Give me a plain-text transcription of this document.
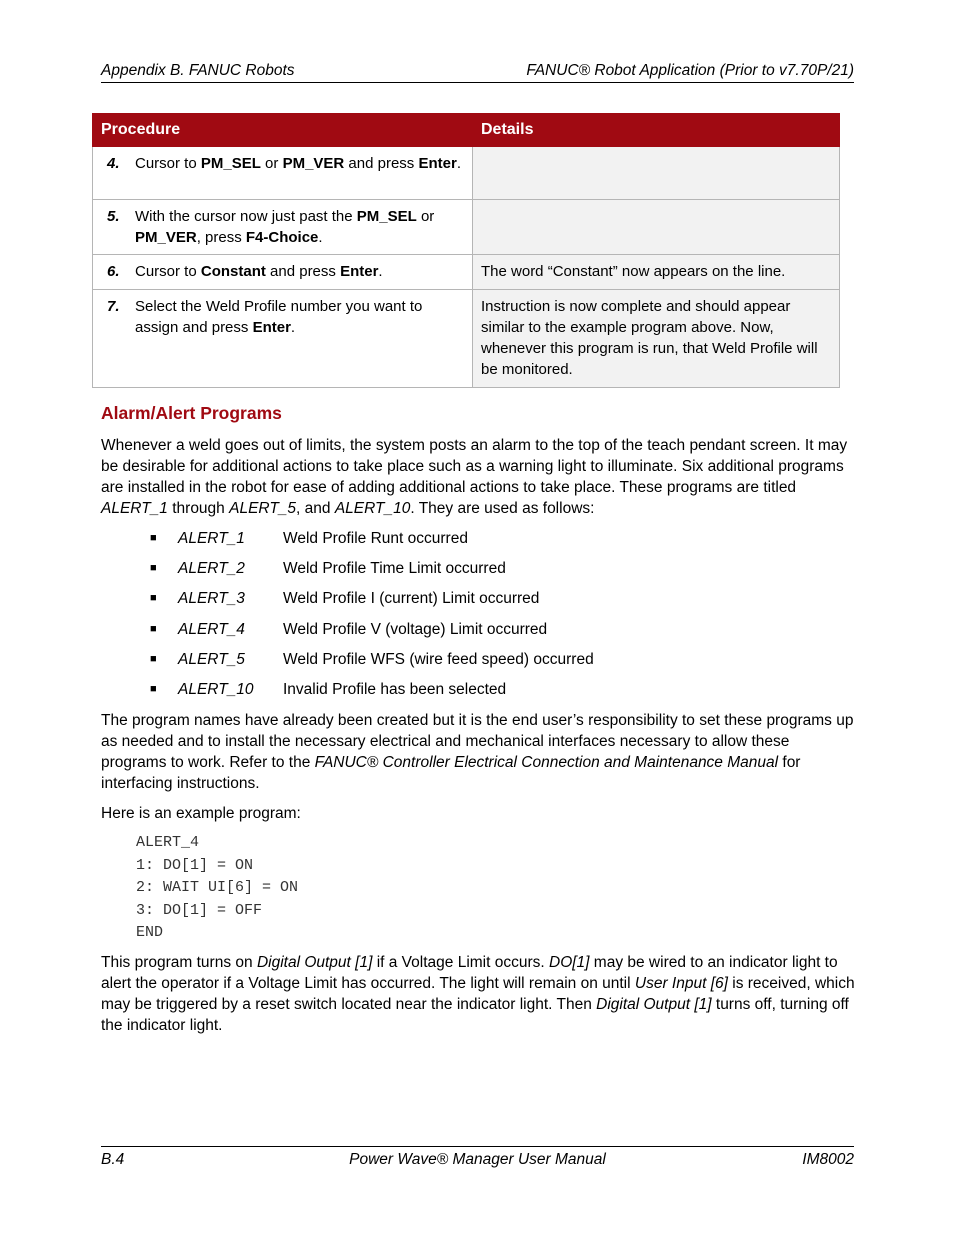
Appendix B. FANUC Robots	FANUC® Robot Application (Prior to v7.70P/21)
Procedure	Details

4. Cursor to PM_SEL or PM_VER and press Enter.	

5. With the cursor now just past the PM_SEL or PM_VER, press F4-Choice.	

6. Cursor to Constant and press Enter.	The word “Constant” now appears on the line.

7. Select the Weld Profile number you want to assign and press Enter.	Instruction is now complete and should appear similar to the example program above. Now, whenever this program is run, that Weld Profile will be monitored.
Alarm/Alert Programs

Whenever a weld goes out of limits, the system posts an alarm to the top of the teach pendant screen. It may be desirable for additional actions to take place such as a warning light to illuminate. Six additional programs are installed in the robot for ease of adding additional actions to take place. These programs are titled ALERT_1 through ALERT_5, and ALERT_10. They are used as follows:

■	ALERT_1	Weld Profile Runt occurred
■	ALERT_2	Weld Profile Time Limit occurred
■	ALERT_3	Weld Profile I (current) Limit occurred
■	ALERT_4	Weld Profile V (voltage) Limit occurred
■	ALERT_5	Weld Profile WFS (wire feed speed) occurred
■	ALERT_10	Invalid Profile has been selected

The program names have already been created but it is the end user’s responsibility to set these programs up as needed and to install the necessary electrical and mechanical interfaces necessary to allow these programs to work. Refer to the FANUC® Controller Electrical Connection and Maintenance Manual for interfacing instructions.

Here is an example program:

ALERT_4
1: DO[1] = ON
2: WAIT UI[6] = ON
3: DO[1] = OFF
END

This program turns on Digital Output [1] if a Voltage Limit occurs. DO[1] may be wired to an indicator light to alert the operator if a Voltage Limit has occurred. The light will remain on until User Input [6] is received, which may be triggered by a reset switch located near the indicator light. Then Digital Output [1] turns off, turning off the indicator light.

B.4	Power Wave® Manager User Manual	IM8002
